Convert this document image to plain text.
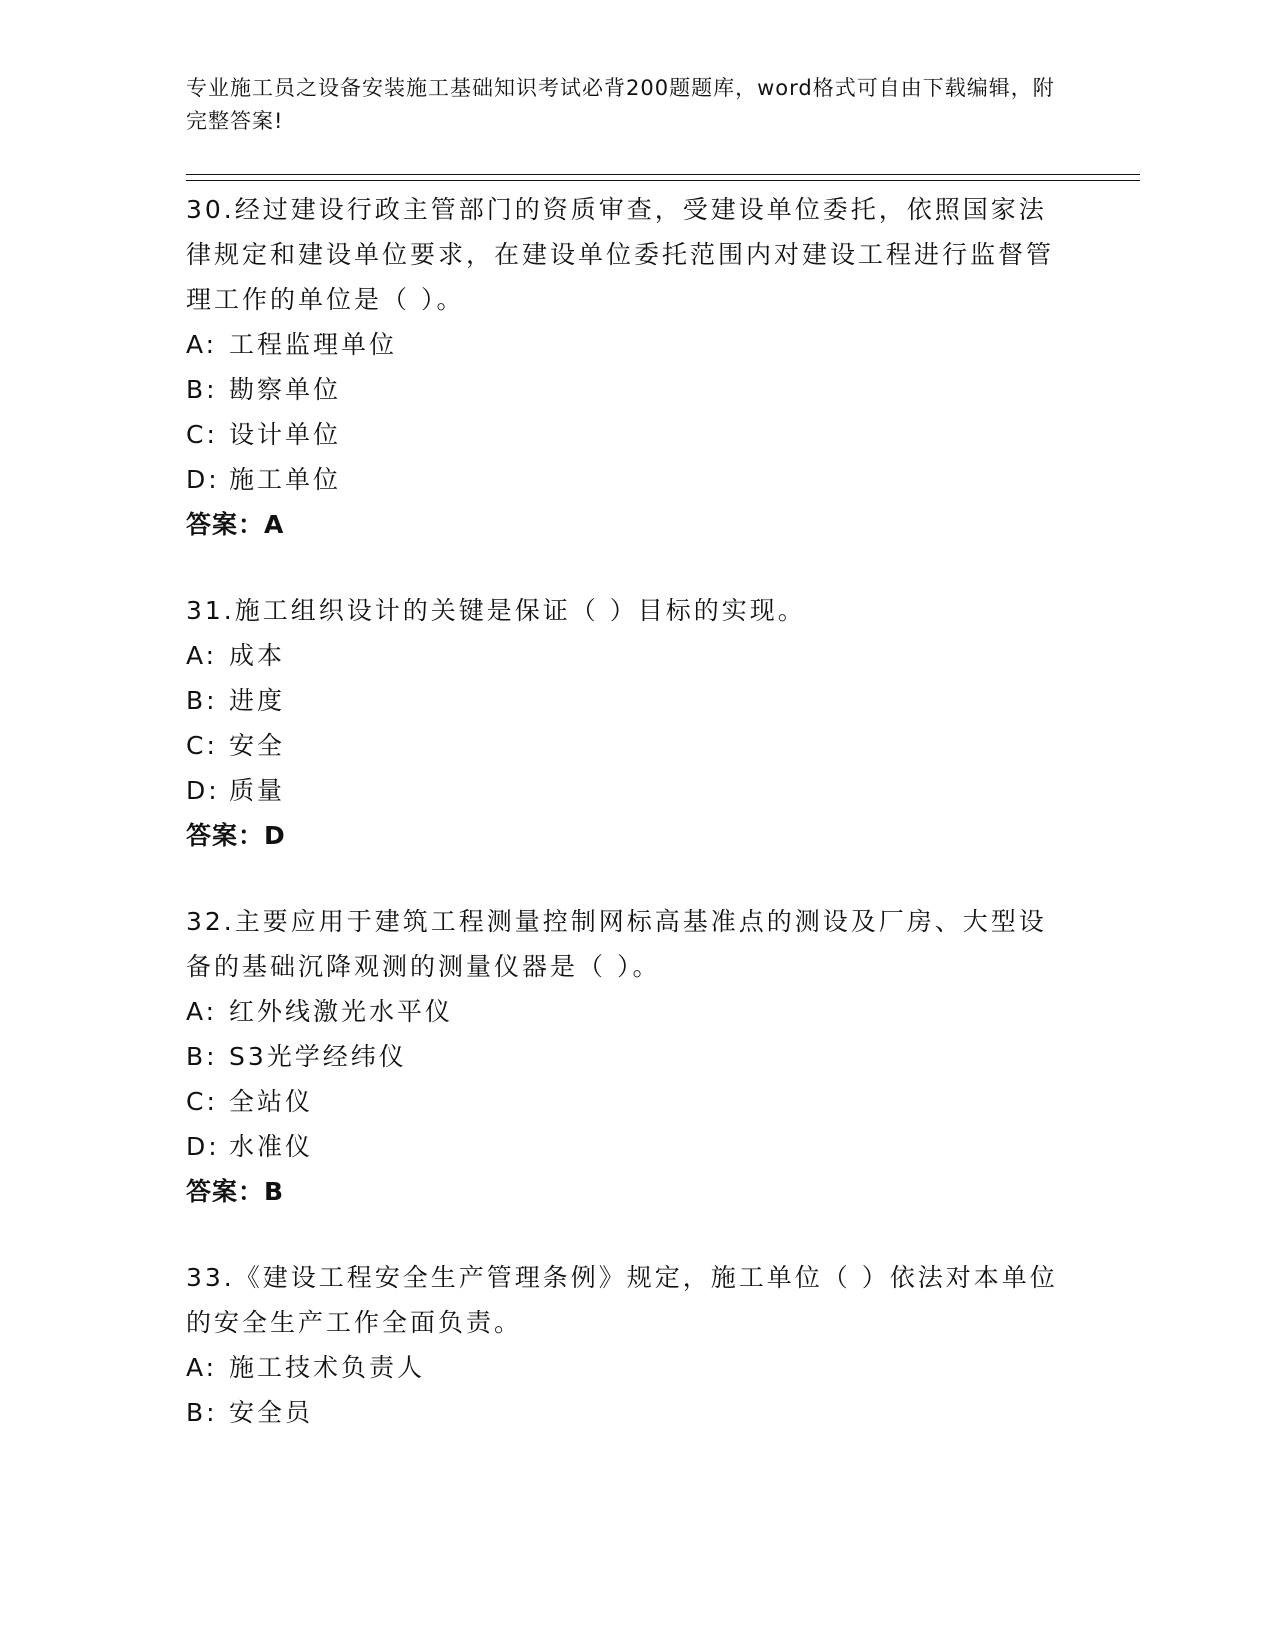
专业施工员之设备安装施工基础知识考试必背200题题库，word格式可自由下载编辑，附完整答案!
30.经过建设行政主管部门的资质审查，受建设单位委托，依照国家法律规定和建设单位要求，在建设单位委托范围内对建设工程进行监督管理工作的单位是（ ）。
A: 工程监理单位
B: 勘察单位
C: 设计单位
D: 施工单位
答案：A
31.施工组织设计的关键是保证（ ）目标的实现。
A: 成本
B: 进度
C: 安全
D: 质量
答案：D
32.主要应用于建筑工程测量控制网标高基准点的测设及厂房、大型设备的基础沉降观测的测量仪器是（ ）。
A: 红外线激光水平仪
B: S3光学经纬仪
C: 全站仪
D: 水准仪
答案：B
33.《建设工程安全生产管理条例》规定，施工单位（ ）依法对本单位的安全生产工作全面负责。
A: 施工技术负责人
B: 安全员
